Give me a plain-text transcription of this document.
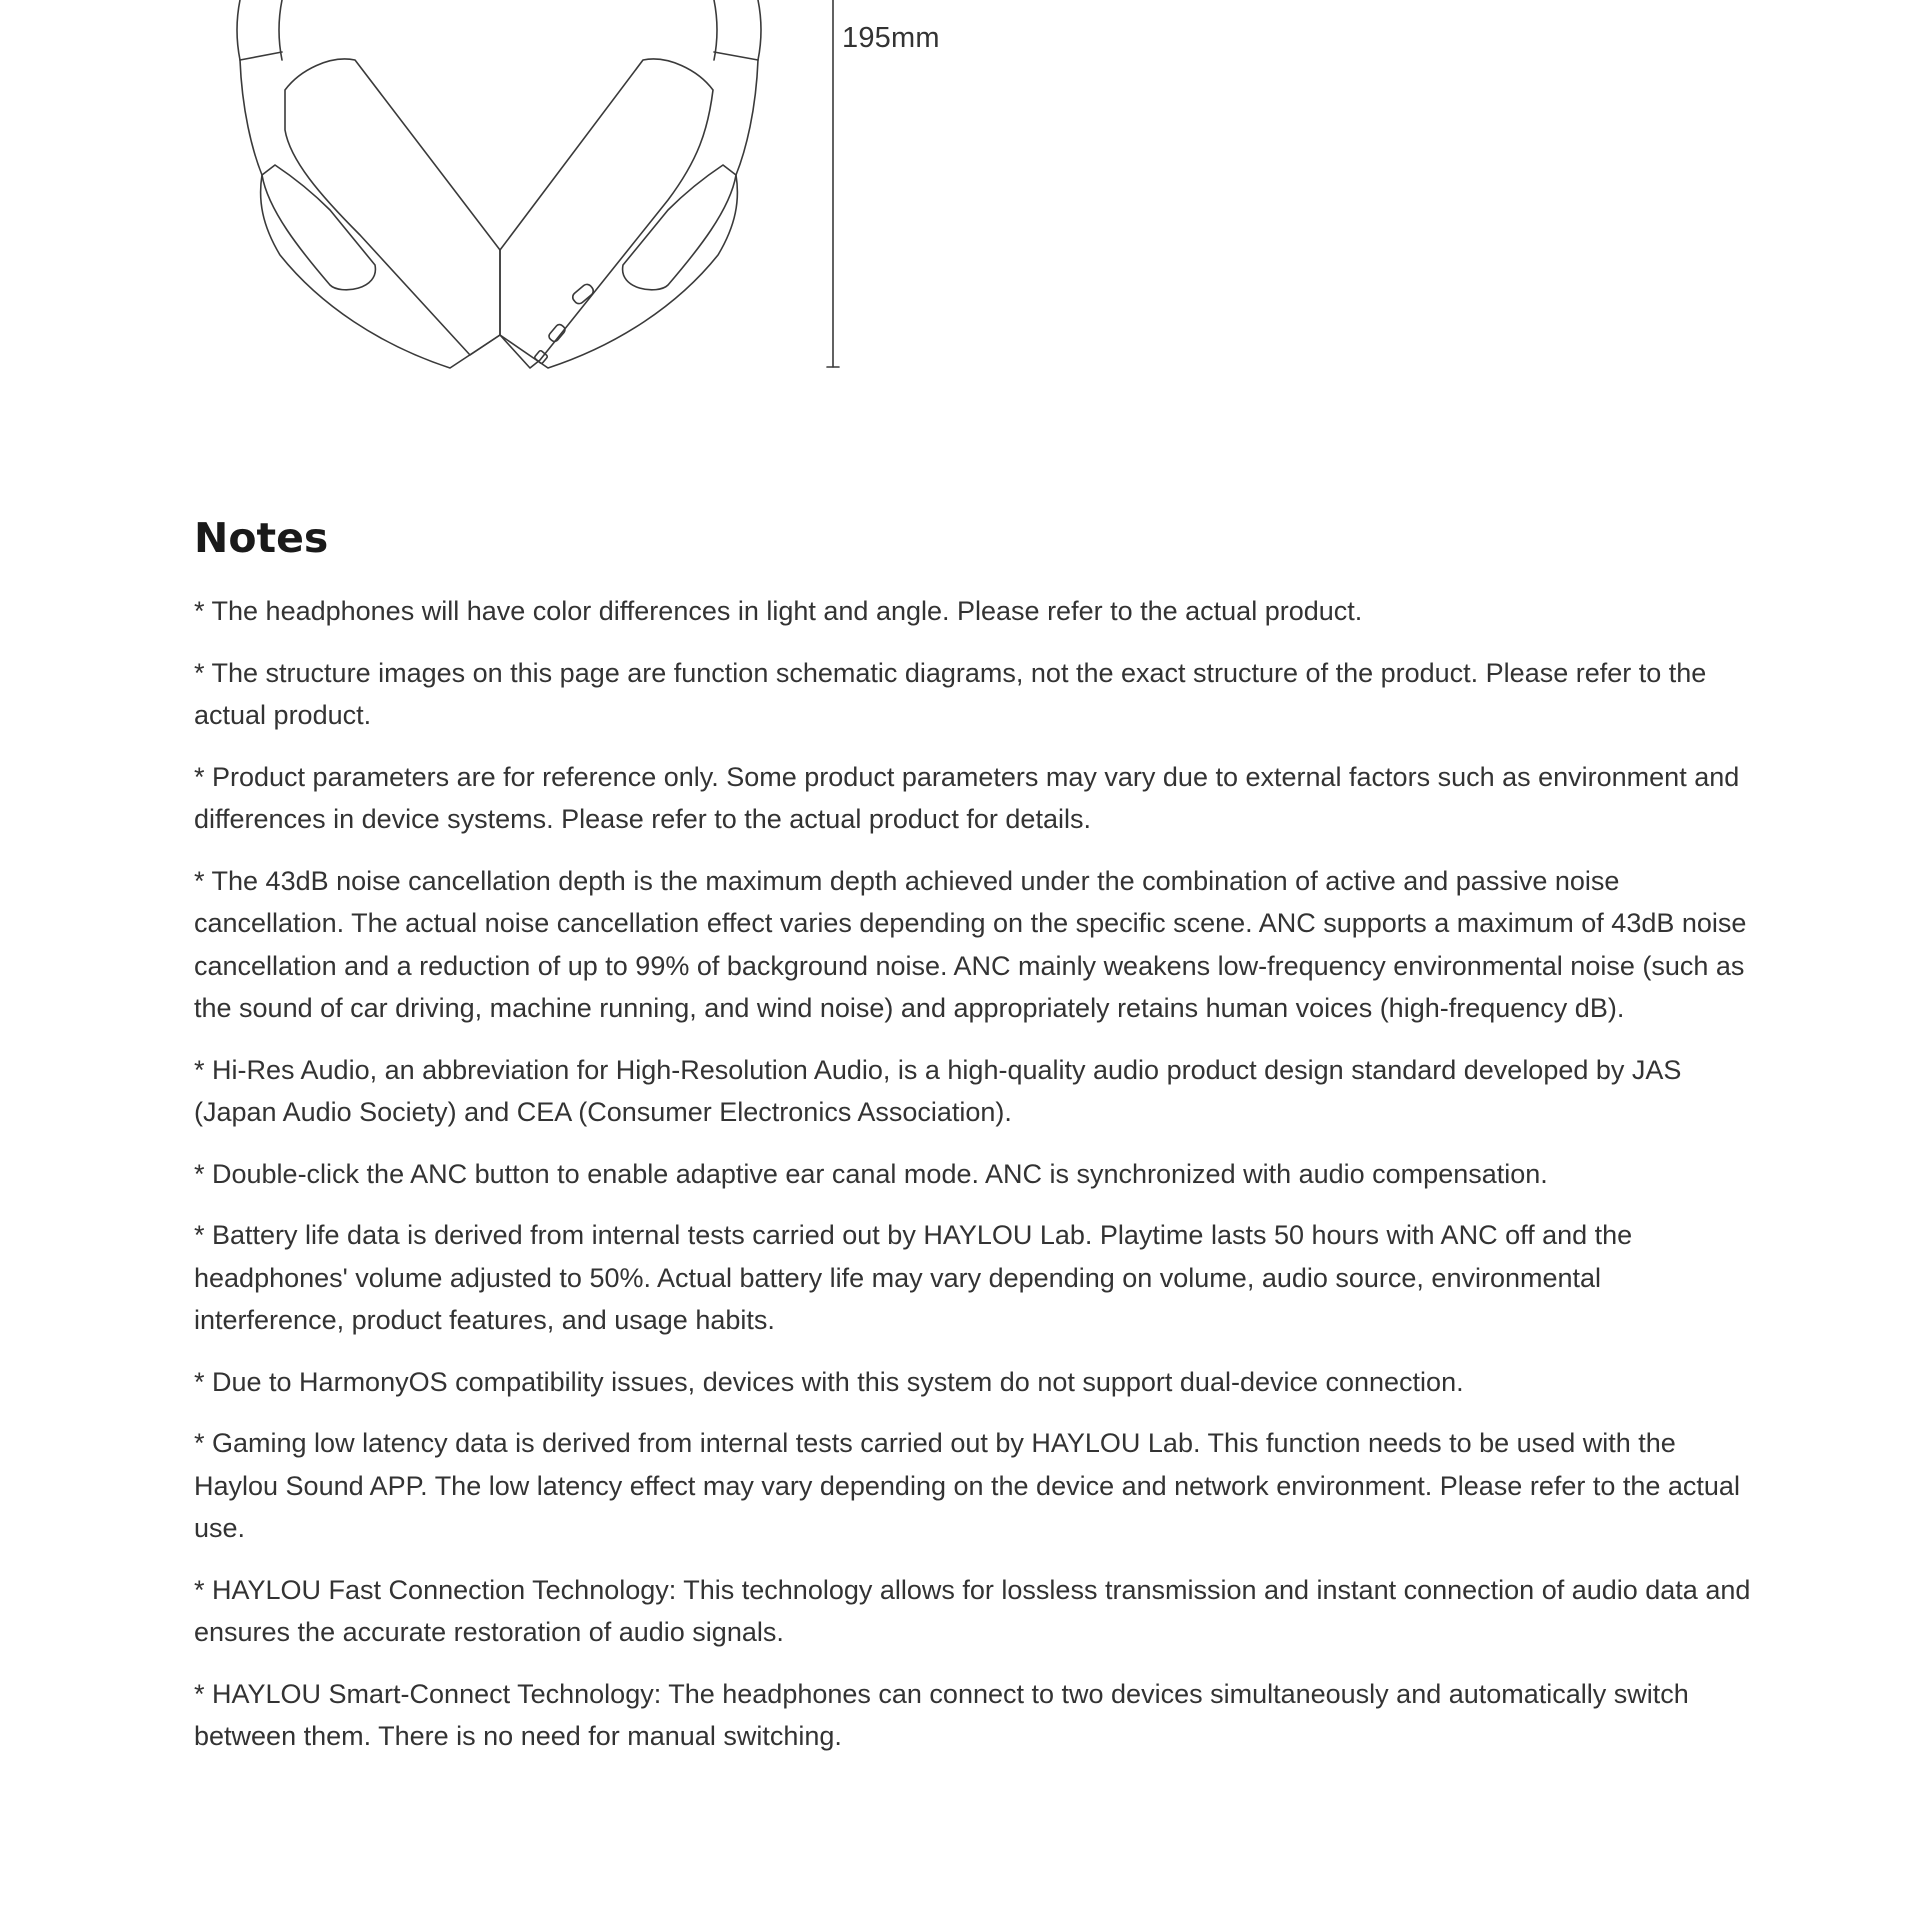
195mm
Notes

* The headphones will have color differences in light and angle. Please refer to the actual product.

* The structure images on this page are function schematic diagrams, not the exact structure of the product. Please refer to the actual product.

* Product parameters are for reference only. Some product parameters may vary due to external factors such as environment and differences in device systems. Please refer to the actual product for details.

* The 43dB noise cancellation depth is the maximum depth achieved under the combination of active and passive noise cancellation. The actual noise cancellation effect varies depending on the specific scene. ANC supports a maximum of 43dB noise cancellation and a reduction of up to 99% of background noise. ANC mainly weakens low-frequency environmental noise (such as the sound of car driving, machine running, and wind noise) and appropriately retains human voices (high-frequency dB).

* Hi-Res Audio, an abbreviation for High-Resolution Audio, is a high-quality audio product design standard developed by JAS (Japan Audio Society) and CEA (Consumer Electronics Association).

* Double-click the ANC button to enable adaptive ear canal mode. ANC is synchronized with audio compensation.

* Battery life data is derived from internal tests carried out by HAYLOU Lab. Playtime lasts 50 hours with ANC off and the headphones' volume adjusted to 50%. Actual battery life may vary depending on volume, audio source, environmental interference, product features, and usage habits.

* Due to HarmonyOS compatibility issues, devices with this system do not support dual-device connection.

* Gaming low latency data is derived from internal tests carried out by HAYLOU Lab. This function needs to be used with the Haylou Sound APP. The low latency effect may vary depending on the device and network environment. Please refer to the actual use.

* HAYLOU Fast Connection Technology: This technology allows for lossless transmission and instant connection of audio data and ensures the accurate restoration of audio signals.

* HAYLOU Smart-Connect Technology: The headphones can connect to two devices simultaneously and automatically switch between them. There is no need for manual switching.
